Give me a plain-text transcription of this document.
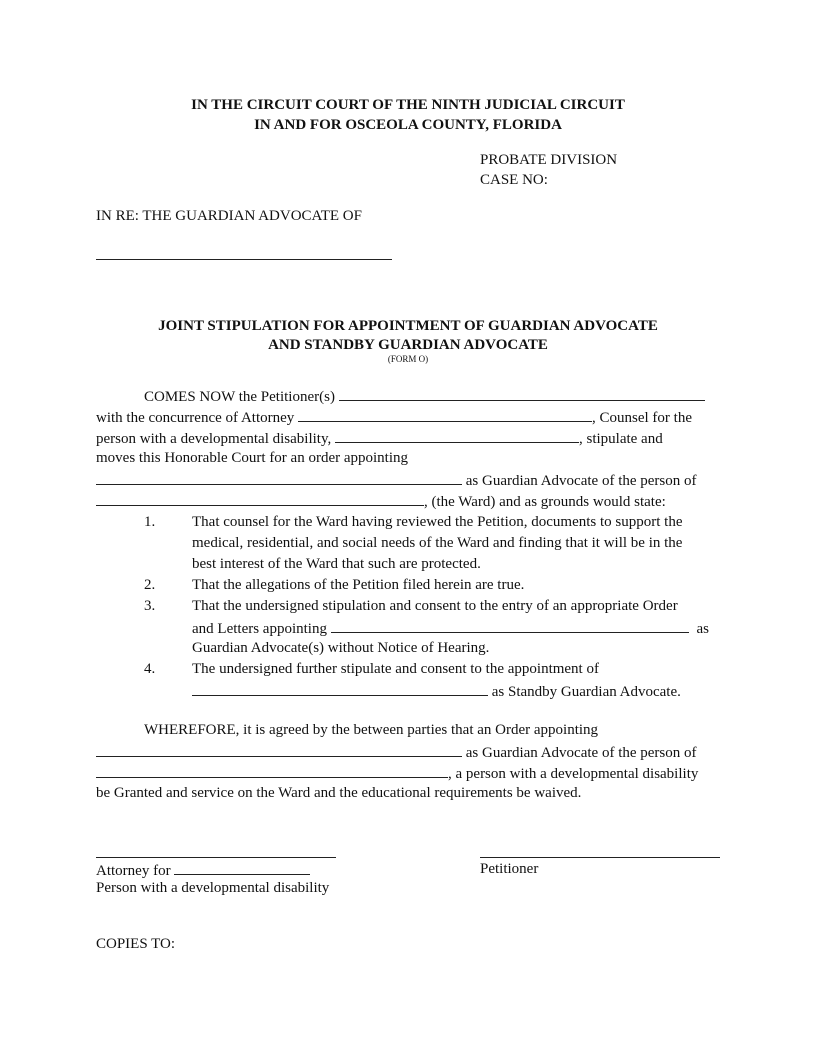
IN THE CIRCUIT COURT OF THE NINTH JUDICIAL CIRCUIT
IN AND FOR OSCEOLA COUNTY, FLORIDA
PROBATE DIVISION
CASE NO:
IN RE: THE GUARDIAN ADVOCATE OF
JOINT STIPULATION FOR APPOINTMENT OF GUARDIAN ADVOCATE
AND STANDBY GUARDIAN ADVOCATE
(FORM O)
COMES NOW the Petitioner(s)
with the concurrence of Attorney	, Counsel for the
person with a developmental disability,	, stipulate and
moves this Honorable Court for an order appointing
as Guardian Advocate of the person of
, (the Ward) and as grounds would state:
1. That counsel for the Ward having reviewed the Petition, documents to support the
medical, residential, and social needs of the Ward and finding that it will be in the
best interest of the Ward that such are protected.
2. That the allegations of the Petition filed herein are true.
3. That the undersigned stipulation and consent to the entry of an appropriate Order
and Letters appointing	as
Guardian Advocate(s) without Notice of Hearing.
4. The undersigned further stipulate and consent to the appointment of
as Standby Guardian Advocate.
WHEREFORE, it is agreed by the between parties that an Order appointing
as Guardian Advocate of the person of
, a person with a developmental disability
be Granted and service on the Ward and the educational requirements be waived.
Attorney for	Petitioner
Person with a developmental disability
COPIES TO:
